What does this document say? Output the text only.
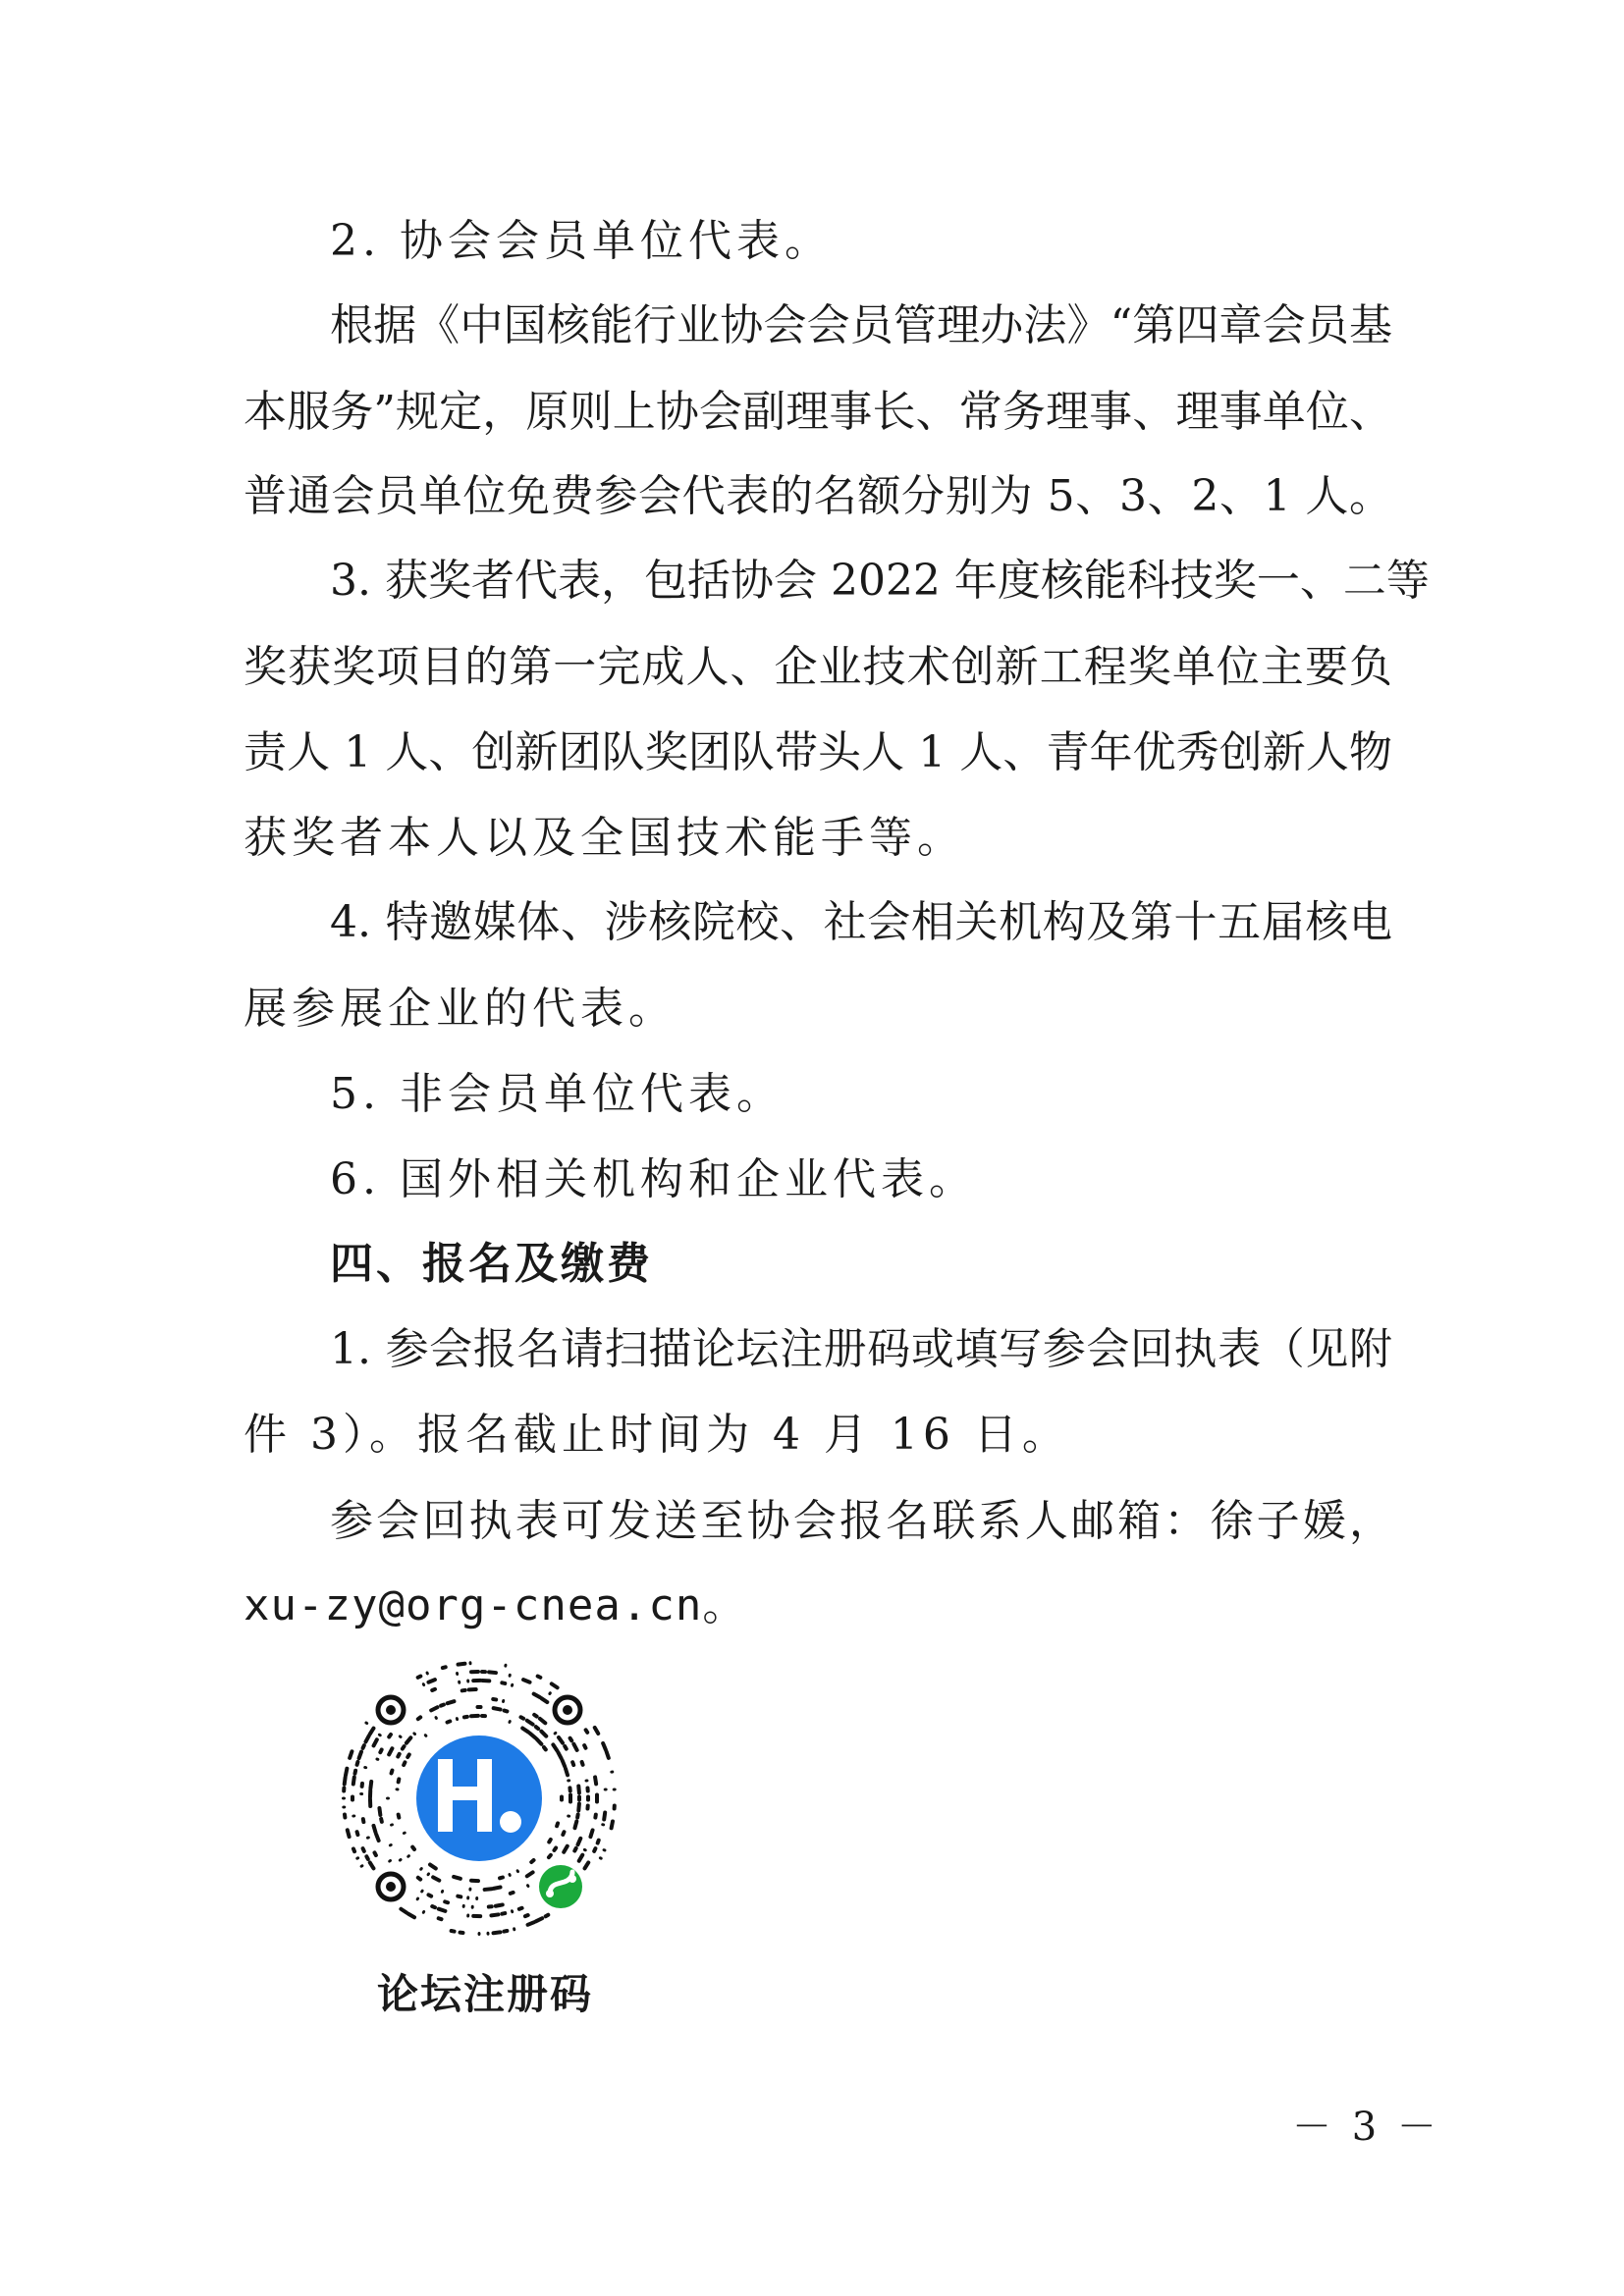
2. 协会会员单位代表。
根据《中国核能行业协会会员管理办法》“第四章会员基
本服务”规定，原则上协会副理事长、常务理事、理事单位、
普通会员单位免费参会代表的名额分别为 5、3、2、1 人。
3. 获奖者代表，包括协会 2022 年度核能科技奖一、二等
奖获奖项目的第一完成人、企业技术创新工程奖单位主要负
责人 1 人、创新团队奖团队带头人 1 人、青年优秀创新人物
获奖者本人以及全国技术能手等。
4. 特邀媒体、涉核院校、社会相关机构及第十五届核电
展参展企业的代表。
5. 非会员单位代表。
6. 国外相关机构和企业代表。
四、报名及缴费
1. 参会报名请扫描论坛注册码或填写参会回执表（见附
件 3）。报名截止时间为 4 月 16 日。
参会回执表可发送至协会报名联系人邮箱：徐子媛，
xu-zy@org-cnea.cn。
论坛注册码
－ 3 －
